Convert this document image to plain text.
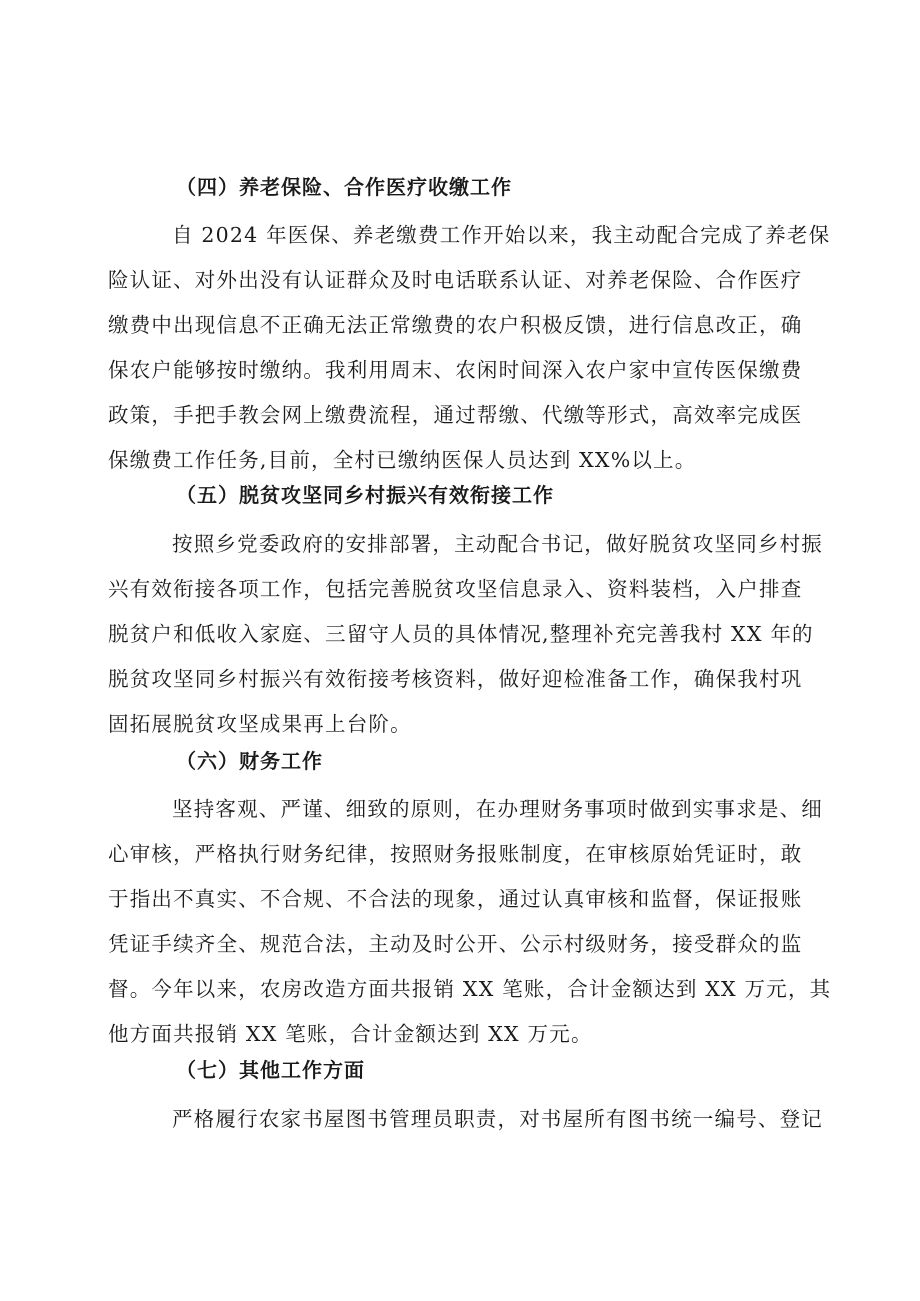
（四）养老保险、合作医疗收缴工作
自 2024 年医保、养老缴费工作开始以来，我主动配合完成了养老保
险认证、对外出没有认证群众及时电话联系认证、对养老保险、合作医疗
缴费中出现信息不正确无法正常缴费的农户积极反馈，进行信息改正，确
保农户能够按时缴纳。我利用周末、农闲时间深入农户家中宣传医保缴费
政策，手把手教会网上缴费流程，通过帮缴、代缴等形式，高效率完成医
保缴费工作任务,目前，全村已缴纳医保人员达到 XX%以上。
（五）脱贫攻坚同乡村振兴有效衔接工作
按照乡党委政府的安排部署，主动配合书记，做好脱贫攻坚同乡村振
兴有效衔接各项工作，包括完善脱贫攻坚信息录入、资料装档，入户排查
脱贫户和低收入家庭、三留守人员的具体情况,整理补充完善我村 XX 年的
脱贫攻坚同乡村振兴有效衔接考核资料，做好迎检准备工作，确保我村巩
固拓展脱贫攻坚成果再上台阶。
（六）财务工作
坚持客观、严谨、细致的原则，在办理财务事项时做到实事求是、细
心审核，严格执行财务纪律，按照财务报账制度，在审核原始凭证时，敢
于指出不真实、不合规、不合法的现象，通过认真审核和监督，保证报账
凭证手续齐全、规范合法，主动及时公开、公示村级财务，接受群众的监
督。今年以来，农房改造方面共报销 XX 笔账，合计金额达到 XX 万元，其
他方面共报销 XX 笔账，合计金额达到 XX 万元。
（七）其他工作方面
严格履行农家书屋图书管理员职责，对书屋所有图书统一编号、登记
